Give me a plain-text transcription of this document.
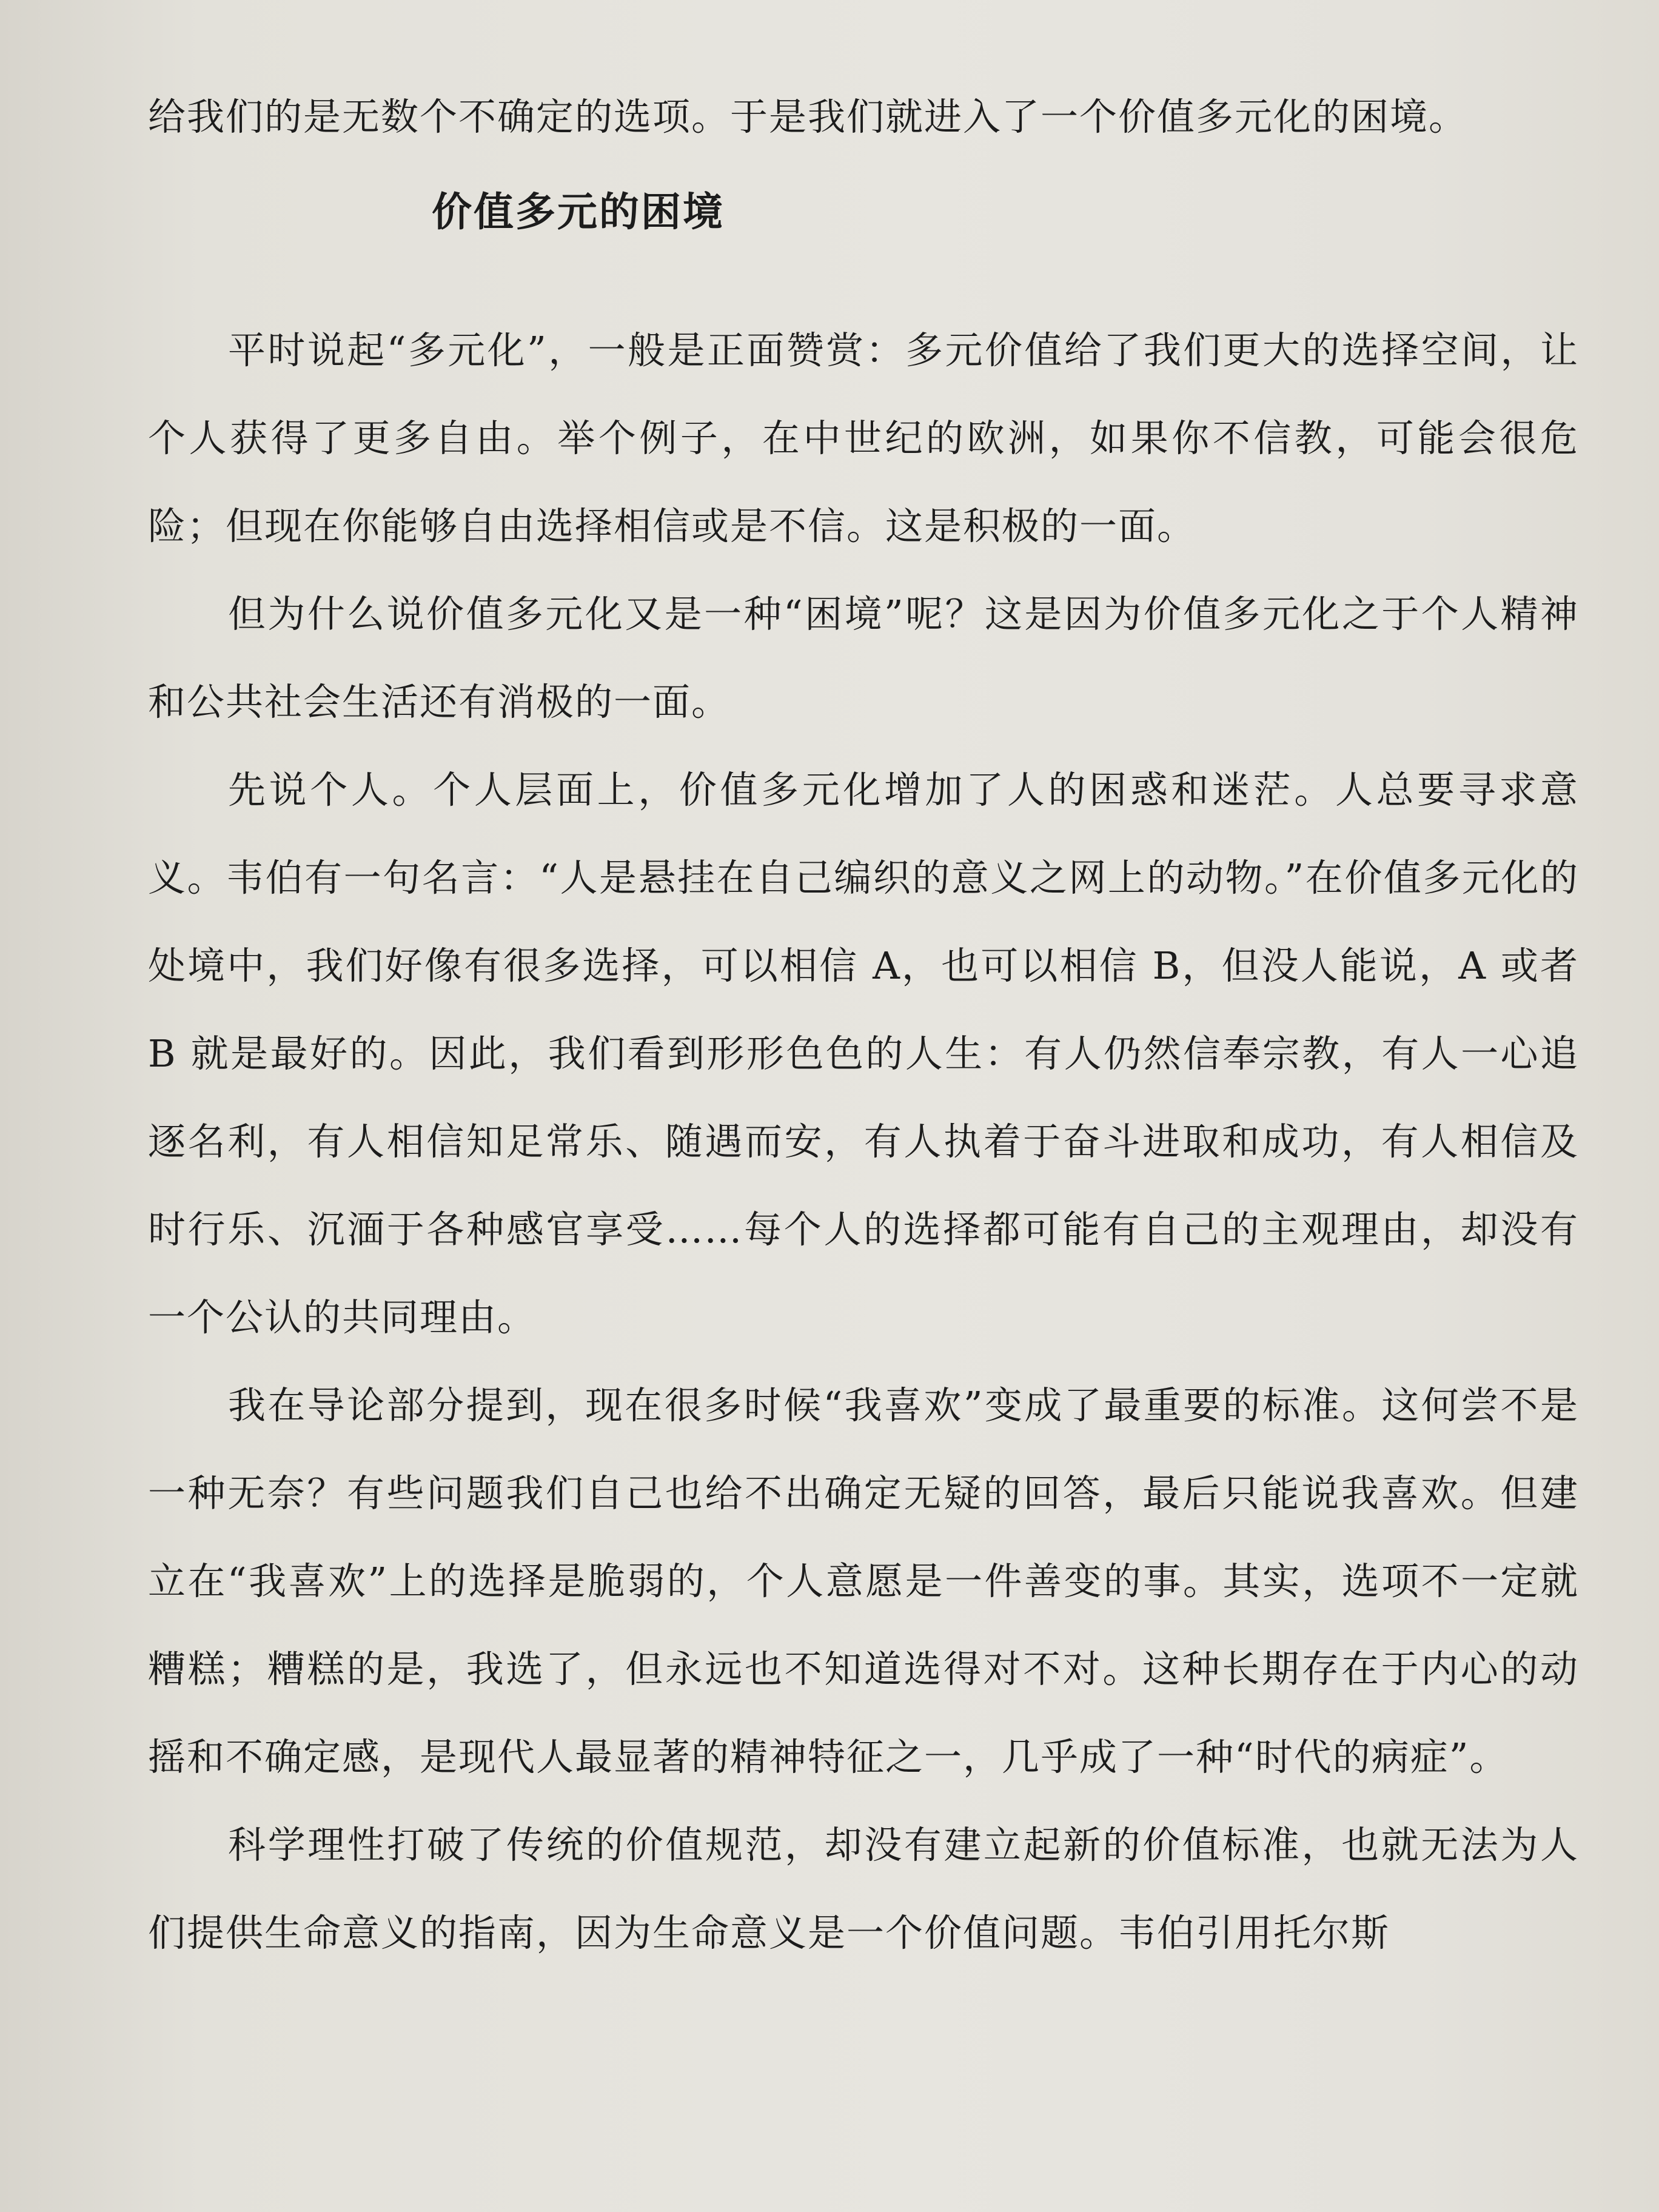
给我们的是无数个不确定的选项。于是我们就进入了一个价值多元化的困境。

价值多元的困境

平时说起“多元化”，一般是正面赞赏：多元价值给了我们更大的选择空间，让个人获得了更多自由。举个例子，在中世纪的欧洲，如果你不信教，可能会很危险；但现在你能够自由选择相信或是不信。这是积极的一面。

但为什么说价值多元化又是一种“困境”呢？这是因为价值多元化之于个人精神和公共社会生活还有消极的一面。

先说个人。个人层面上，价值多元化增加了人的困惑和迷茫。人总要寻求意义。韦伯有一句名言：“人是悬挂在自己编织的意义之网上的动物。”在价值多元化的处境中，我们好像有很多选择，可以相信 A，也可以相信 B，但没人能说，A 或者 B 就是最好的。因此，我们看到形形色色的人生：有人仍然信奉宗教，有人一心追逐名利，有人相信知足常乐、随遇而安，有人执着于奋斗进取和成功，有人相信及时行乐、沉湎于各种感官享受……每个人的选择都可能有自己的主观理由，却没有一个公认的共同理由。

我在导论部分提到，现在很多时候“我喜欢”变成了最重要的标准。这何尝不是一种无奈？有些问题我们自己也给不出确定无疑的回答，最后只能说我喜欢。但建立在“我喜欢”上的选择是脆弱的，个人意愿是一件善变的事。其实，选项不一定就糟糕；糟糕的是，我选了，但永远也不知道选得对不对。这种长期存在于内心的动摇和不确定感，是现代人最显著的精神特征之一，几乎成了一种“时代的病症”。

科学理性打破了传统的价值规范，却没有建立起新的价值标准，也就无法为人们提供生命意义的指南，因为生命意义是一个价值问题。韦伯引用托尔斯
